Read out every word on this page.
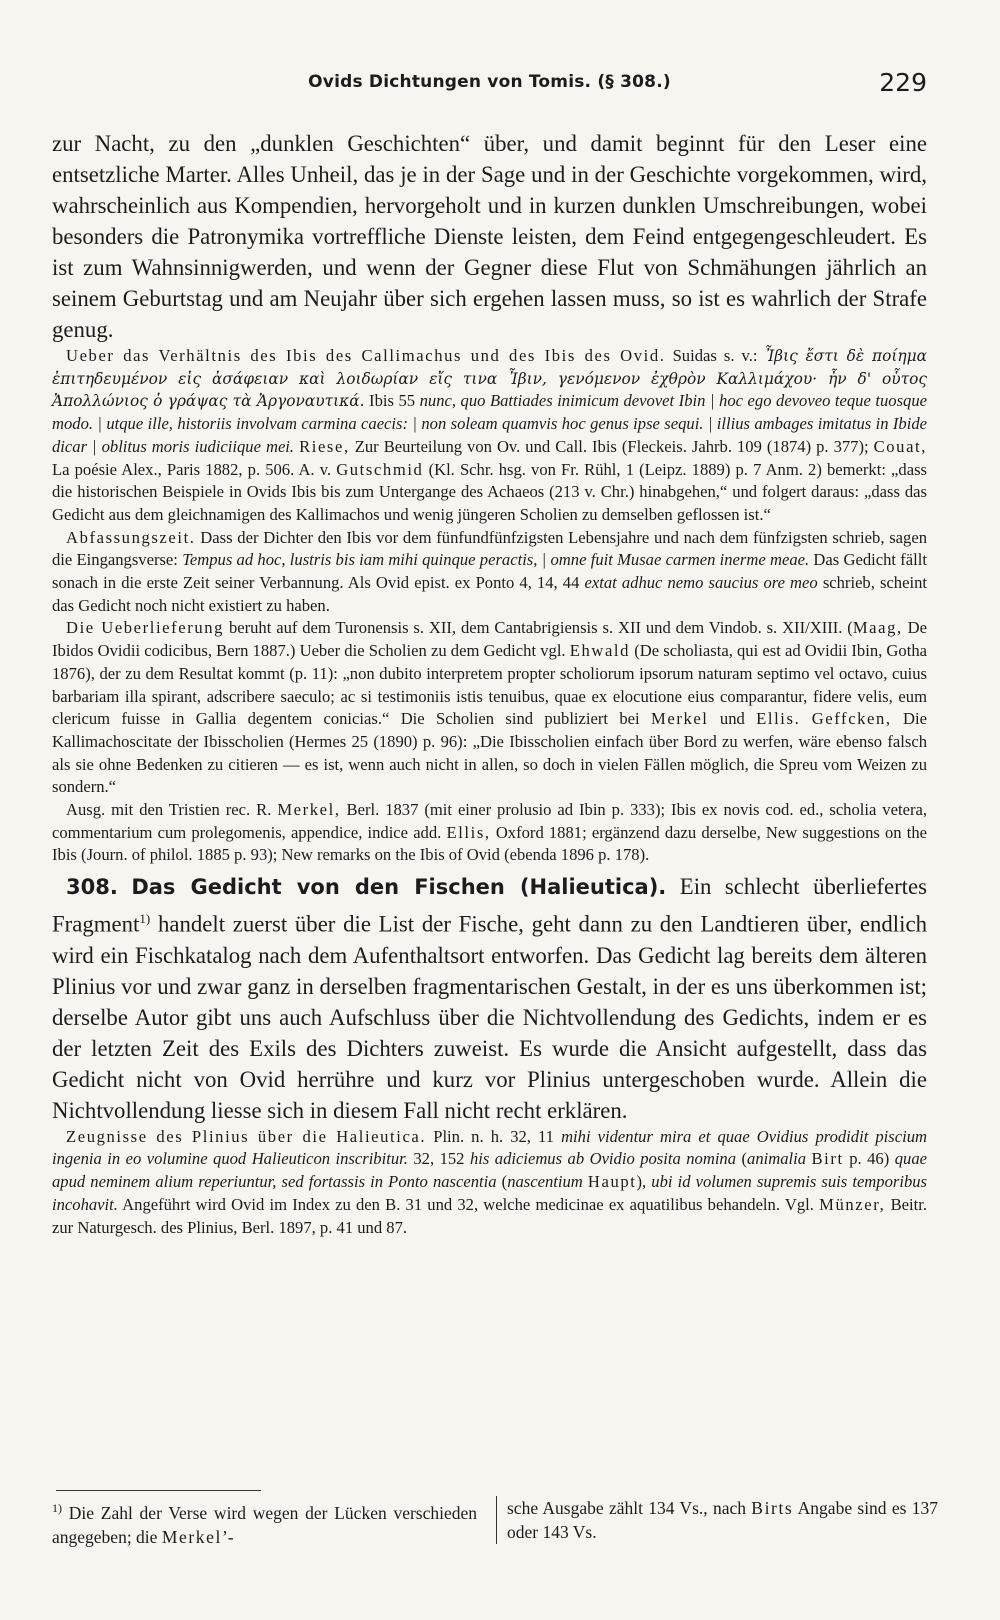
Ovids Dichtungen von Tomis. (§ 308.)	229

zur Nacht, zu den „dunklen Geschichten“ über, und damit beginnt für den Leser eine entsetzliche Marter. Alles Unheil, das je in der Sage und in der Geschichte vorgekommen, wird, wahrscheinlich aus Kompendien, hervorgeholt und in kurzen dunklen Umschreibungen, wobei besonders die Patronymika vortreffliche Dienste leisten, dem Feind entgegengeschleudert. Es ist zum Wahnsinnigwerden, und wenn der Gegner diese Flut von Schmähungen jährlich an seinem Geburtstag und am Neujahr über sich ergehen lassen muss, so ist es wahrlich der Strafe genug.

Ueber das Verhältnis des Ibis des Callimachus und des Ibis des Ovid. Suidas s. v.: Ἶβις ἔστι δὲ ποίημα ἐπιτηδευμένον εἰς ἀσάφειαν καὶ λοιδωρίαν εἴς τινα Ἶβιν, γενόμενον ἐχθρὸν Καλλιμάχου· ἦν δ' οὗτος Ἀπολλώνιος ὁ γράψας τὰ Ἀργοναυτικά. Ibis 55 nunc, quo Battiades inimicum devovet Ibin | hoc ego devoveo teque tuosque modo. | utque ille, historiis involvam carmina caecis: | non soleam quamvis hoc genus ipse sequi. | illius ambages imitatus in Ibide dicar | oblitus moris iudiciique mei. Riese, Zur Beurteilung von Ov. und Call. Ibis (Fleckeis. Jahrb. 109 (1874) p. 377); Couat, La poésie Alex., Paris 1882, p. 506. A. v. Gutschmid (Kl. Schr. hsg. von Fr. Rühl, 1 (Leipz. 1889) p. 7 Anm. 2) bemerkt: „dass die historischen Beispiele in Ovids Ibis bis zum Untergange des Achaeos (213 v. Chr.) hinabgehen,“ und folgert daraus: „dass das Gedicht aus dem gleichnamigen des Kallimachos und wenig jüngeren Scholien zu demselben geflossen ist.“

Abfassungszeit. Dass der Dichter den Ibis vor dem fünfundfünfzigsten Lebensjahre und nach dem fünfzigsten schrieb, sagen die Eingangsverse: Tempus ad hoc, lustris bis iam mihi quinque peractis, | omne fuit Musae carmen inerme meae. Das Gedicht fällt sonach in die erste Zeit seiner Verbannung. Als Ovid epist. ex Ponto 4, 14, 44 extat adhuc nemo saucius ore meo schrieb, scheint das Gedicht noch nicht existiert zu haben.

Die Ueberlieferung beruht auf dem Turonensis s. XII, dem Cantabrigiensis s. XII und dem Vindob. s. XII/XIII. (Maag, De Ibidos Ovidii codicibus, Bern 1887.) Ueber die Scholien zu dem Gedicht vgl. Ehwald (De scholiasta, qui est ad Ovidii Ibin, Gotha 1876), der zu dem Resultat kommt (p. 11): „non dubito interpretem propter scholiorum ipsorum naturam septimo vel octavo, cuius barbariam illa spirant, adscribere saeculo; ac si testimoniis istis tenuibus, quae ex elocutione eius comparantur, fidere velis, eum clericum fuisse in Gallia degentem conicias.“ Die Scholien sind publiziert bei Merkel und Ellis. Geffcken, Die Kallimachoscitate der Ibisscholien (Hermes 25 (1890) p. 96): „Die Ibisscholien einfach über Bord zu werfen, wäre ebenso falsch als sie ohne Bedenken zu citieren — es ist, wenn auch nicht in allen, so doch in vielen Fällen möglich, die Spreu vom Weizen zu sondern.“

Ausg. mit den Tristien rec. R. Merkel, Berl. 1837 (mit einer prolusio ad Ibin p. 333); Ibis ex novis cod. ed., scholia vetera, commentarium cum prolegomenis, appendice, indice add. Ellis, Oxford 1881; ergänzend dazu derselbe, New suggestions on the Ibis (Journ. of philol. 1885 p. 93); New remarks on the Ibis of Ovid (ebenda 1896 p. 178).

308. Das Gedicht von den Fischen (Halieutica). Ein schlecht überliefertes Fragment$^{1)}$ handelt zuerst über die List der Fische, geht dann zu den Landtieren über, endlich wird ein Fischkatalog nach dem Aufenthaltsort entworfen. Das Gedicht lag bereits dem älteren Plinius vor und zwar ganz in derselben fragmentarischen Gestalt, in der es uns überkommen ist; derselbe Autor gibt uns auch Aufschluss über die Nichtvollendung des Gedichts, indem er es der letzten Zeit des Exils des Dichters zuweist. Es wurde die Ansicht aufgestellt, dass das Gedicht nicht von Ovid herrühre und kurz vor Plinius untergeschoben wurde. Allein die Nichtvollendung liesse sich in diesem Fall nicht recht erklären.

Zeugnisse des Plinius über die Halieutica. Plin. n. h. 32, 11 mihi videntur mira et quae Ovidius prodidit piscium ingenia in eo volumine quod Halieuticon inscribitur. 32, 152 his adiciemus ab Ovidio posita nomina (animalia Birt p. 46) quae apud neminem alium reperiuntur, sed fortassis in Ponto nascentia (nascentium Haupt), ubi id volumen supremis suis temporibus incohavit. Angeführt wird Ovid im Index zu den B. 31 und 32, welche medicinae ex aquatilibus behandeln. Vgl. Münzer, Beitr. zur Naturgesch. des Plinius, Berl. 1897, p. 41 und 87.

$^{1)}$ Die Zahl der Verse wird wegen der Lücken verschieden angegeben; die Merkel’-
sche Ausgabe zählt 134 Vs., nach Birts Angabe sind es 137 oder 143 Vs.
